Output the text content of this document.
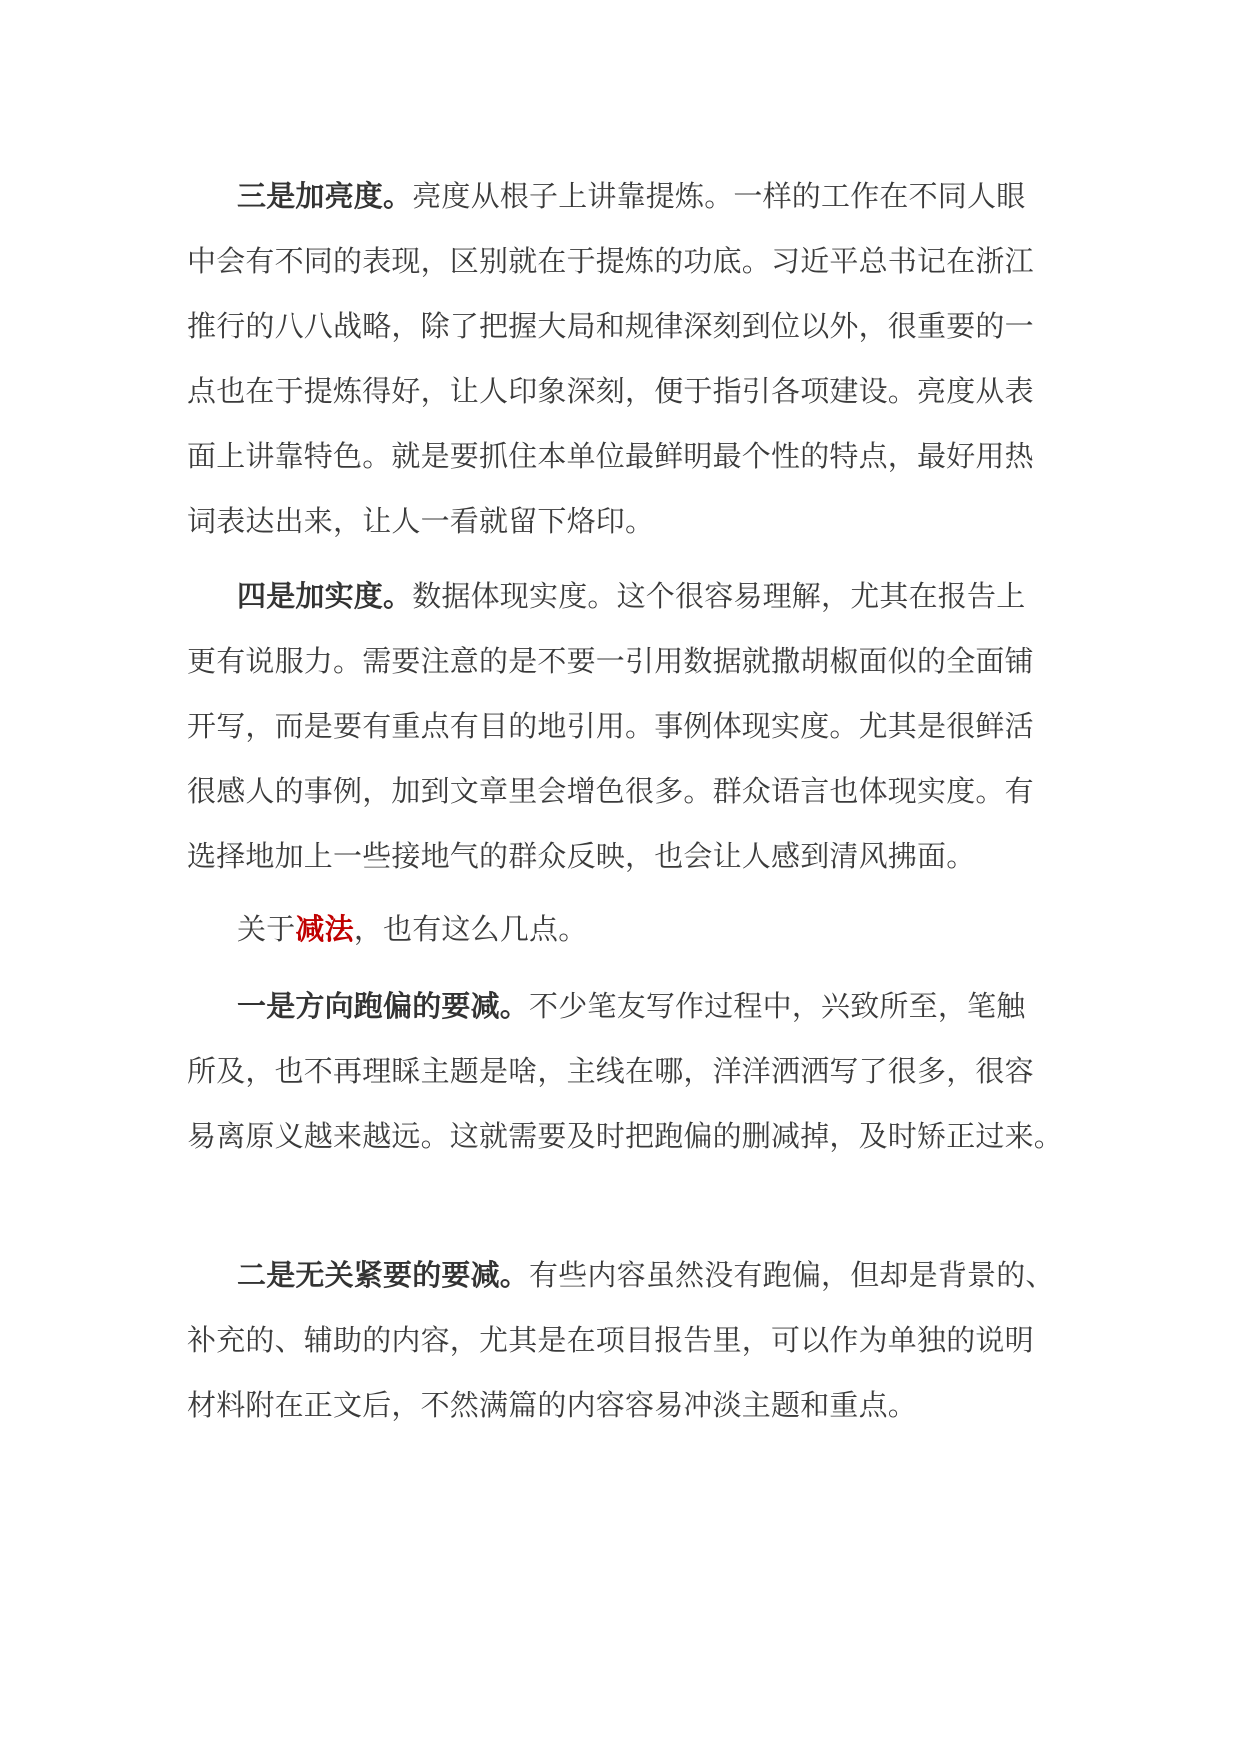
三是加亮度。亮度从根子上讲靠提炼。一样的工作在不同人眼
中会有不同的表现，区别就在于提炼的功底。习近平总书记在浙江
推行的八八战略，除了把握大局和规律深刻到位以外，很重要的一
点也在于提炼得好，让人印象深刻，便于指引各项建设。亮度从表
面上讲靠特色。就是要抓住本单位最鲜明最个性的特点，最好用热
词表达出来，让人一看就留下烙印。
四是加实度。数据体现实度。这个很容易理解，尤其在报告上
更有说服力。需要注意的是不要一引用数据就撒胡椒面似的全面铺
开写，而是要有重点有目的地引用。事例体现实度。尤其是很鲜活
很感人的事例，加到文章里会增色很多。群众语言也体现实度。有
选择地加上一些接地气的群众反映，也会让人感到清风拂面。
关于减法，也有这么几点。
一是方向跑偏的要减。不少笔友写作过程中，兴致所至，笔触
所及，也不再理睬主题是啥，主线在哪，洋洋洒洒写了很多，很容
易离原义越来越远。这就需要及时把跑偏的删减掉，及时矫正过来。
二是无关紧要的要减。有些内容虽然没有跑偏，但却是背景的、
补充的、辅助的内容，尤其是在项目报告里，可以作为单独的说明
材料附在正文后，不然满篇的内容容易冲淡主题和重点。
